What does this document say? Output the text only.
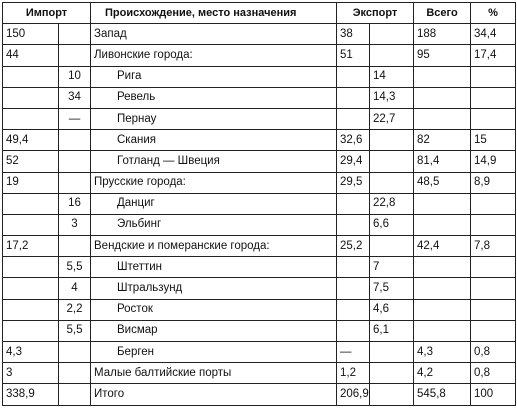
Импорт		Происхождение, место назначения	Экспорт		Всего	%
150		Запад	38		188	34,4
44		Ливонские города:	51		95	17,4
	10	Рига		14		
	34	Ревель		14,3		
	—	Пернау		22,7		
49,4		Скания	32,6		82	15
52		Готланд — Швеция	29,4		81,4	14,9
19		Прусские города:	29,5		48,5	8,9
	16	Данциг		22,8		
	3	Эльбинг		6,6		
17,2		Вендские и померанские города:	25,2		42,4	7,8
	5,5	Штеттин		7		
	4	Штральзунд		7,5		
	2,2	Росток		4,6		
	5,5	Висмар		6,1		
4,3		Берген	—		4,3	0,8
3		Малые балтийские порты	1,2		4,2	0,8
338,9		Итого	206,9		545,8	100
